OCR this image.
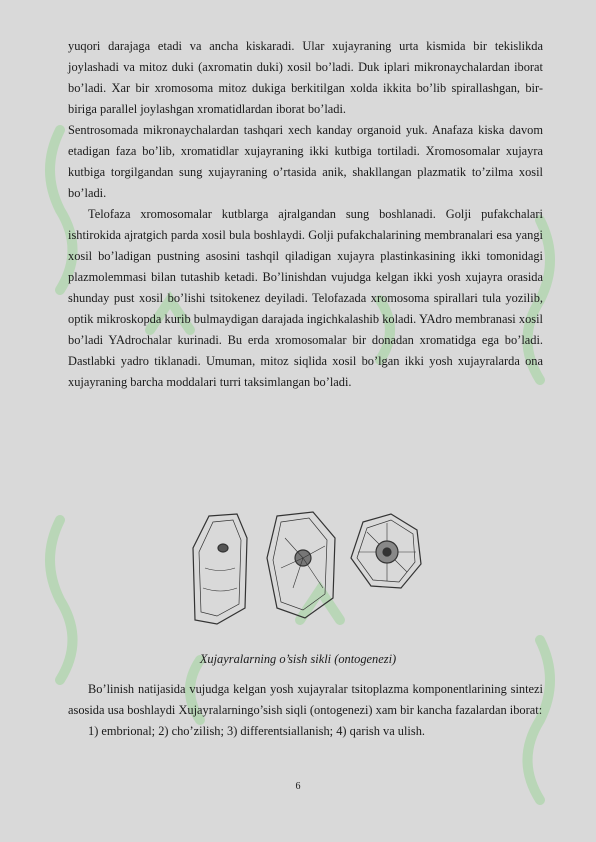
yuqori darajaga etadi va ancha kiskaradi. Ular xujayraning urta kismida bir tekislikda joylashadi va mitoz duki (axromatin duki) xosil bo’ladi. Duk iplari mikronaychalardan iborat bo’ladi. Xar bir xromosoma mitoz dukiga berkitilgan xolda ikkita bo’lib spirallashgan, bir-biriga parallel joylashgan xromatidlardan iborat bo’ladi.

Sentrosomada mikronaychalardan tashqari xech kanday organoid yuk. Anafaza kiska davom etadigan faza bo’lib, xromatidlar xujayraning ikki kutbiga tortiladi. Xromosomalar xujayra kutbiga torgilgandan sung xujayraning o’rtasida anik, shakllangan plazmatik to’zilma xosil bo’ladi.

Telofaza xromosomalar kutblarga ajralgandan sung boshlanadi. Golji pufakchalari ishtirokida ajratgich parda xosil bula boshlaydi. Golji pufakchalarining membranalari esa yangi xosil bo’ladigan pustning asosini tashqil qiladigan xujayra plastinkasining ikki tomonidagi plazmolemmasi bilan tutashib ketadi. Bo’linishdan vujudga kelgan ikki yosh xujayra orasida shunday pust xosil bo’lishi tsitokenez deyiladi. Telofazada xromosoma spirallari tula yozilib, optik mikroskopda kurib bulmaydigan darajada ingichkalashib koladi. YAdro membranasi xosil bo’ladi YAdrochalar kurinadi. Bu erda xromosomalar bir donadan xromatidga ega bo’ladi. Dastlabki yadro tiklanadi. Umuman, mitoz siqlida xosil bo’lgan ikki yosh xujayralarda ona xujayraning barcha moddalari turri taksimlangan bo’ladi.

Xujayralarning o’sish sikli (ontogenezi)

Bo’linish natijasida vujudga kelgan yosh xujayralar tsitoplazma komponentlarining sintezi asosida usa boshlaydi Xujayralarningo’sish siqli (ontogenezi) xam bir kancha fazalardan iborat:

1) embrional; 2) cho’zilish; 3) differentsiallanish; 4) qarish va ulish.

6
